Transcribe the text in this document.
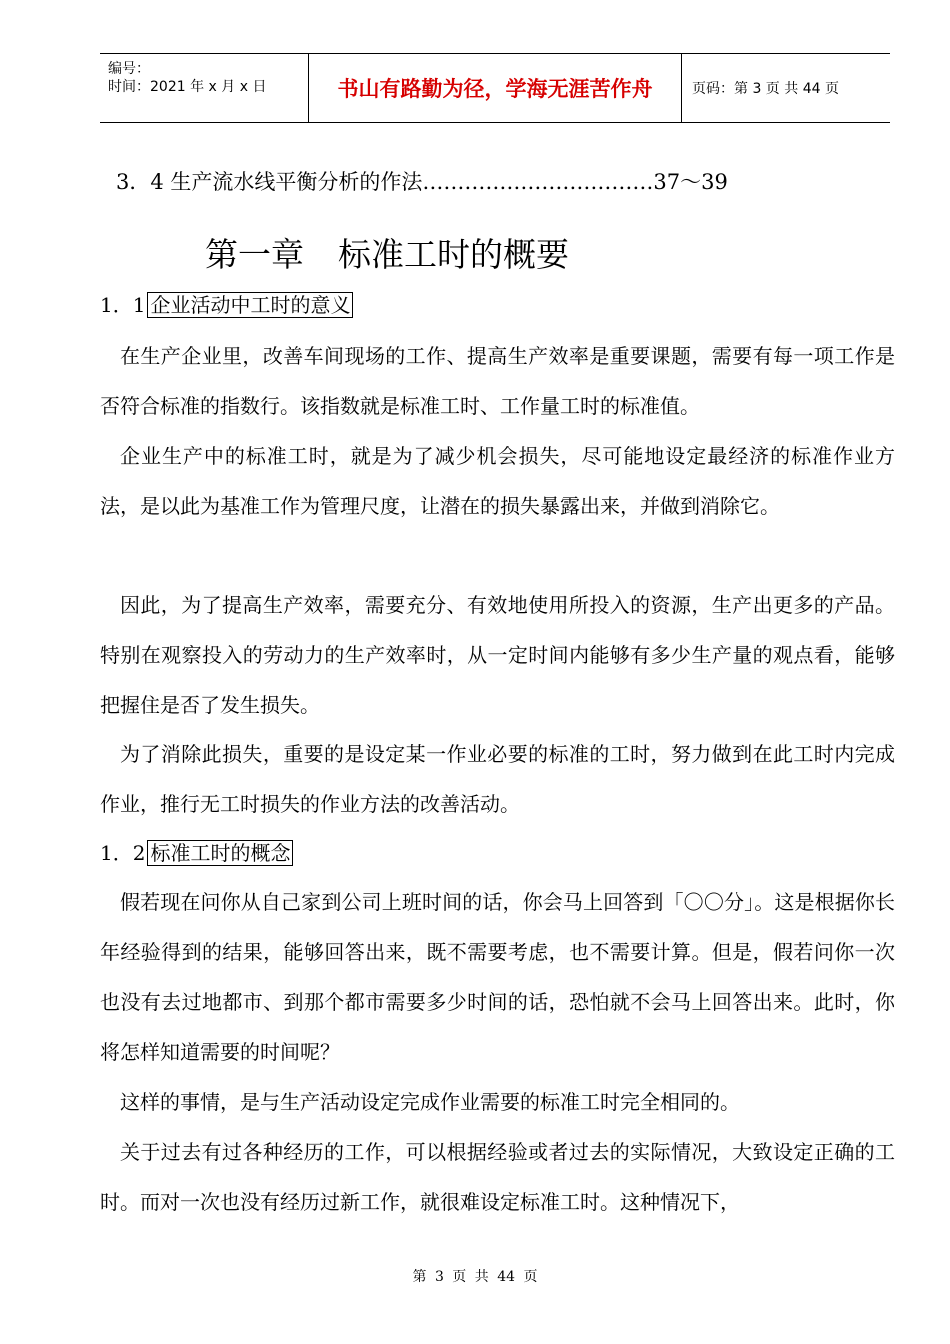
编号：
时间：2021 年 x 月 x 日	书山有路勤为径，学海无涯苦作舟	页码：第 3 页 共 44 页
3．4 生产流水线平衡分析的作法……………………………37～39
第一章 标准工时的概要
1．1 企业活动中工时的意义

在生产企业里，改善车间现场的工作、提高生产效率是重要课题，需要有每一项工作是否符合标准的指数行。该指数就是标准工时、工作量工时的标准值。

企业生产中的标准工时，就是为了减少机会损失，尽可能地设定最经济的标准作业方法，是以此为基准工作为管理尺度，让潜在的损失暴露出来，并做到消除它。

因此，为了提高生产效率，需要充分、有效地使用所投入的资源，生产出更多的产品。特别在观察投入的劳动力的生产效率时，从一定时间内能够有多少生产量的观点看，能够把握住是否了发生损失。

为了消除此损失，重要的是设定某一作业必要的标准的工时，努力做到在此工时内完成作业，推行无工时损失的作业方法的改善活动。

1．2 标准工时的概念

假若现在问你从自己家到公司上班时间的话，你会马上回答到「〇〇分」。这是根据你长年经验得到的结果，能够回答出来，既不需要考虑，也不需要计算。但是，假若问你一次也没有去过地都市、到那个都市需要多少时间的话，恐怕就不会马上回答出来。此时，你将怎样知道需要的时间呢？

这样的事情，是与生产活动设定完成作业需要的标准工时完全相同的。

关于过去有过各种经历的工作，可以根据经验或者过去的实际情况，大致设定正确的工时。而对一次也没有经历过新工作，就很难设定标准工时。这种情况下，

第 3 页 共 44 页
